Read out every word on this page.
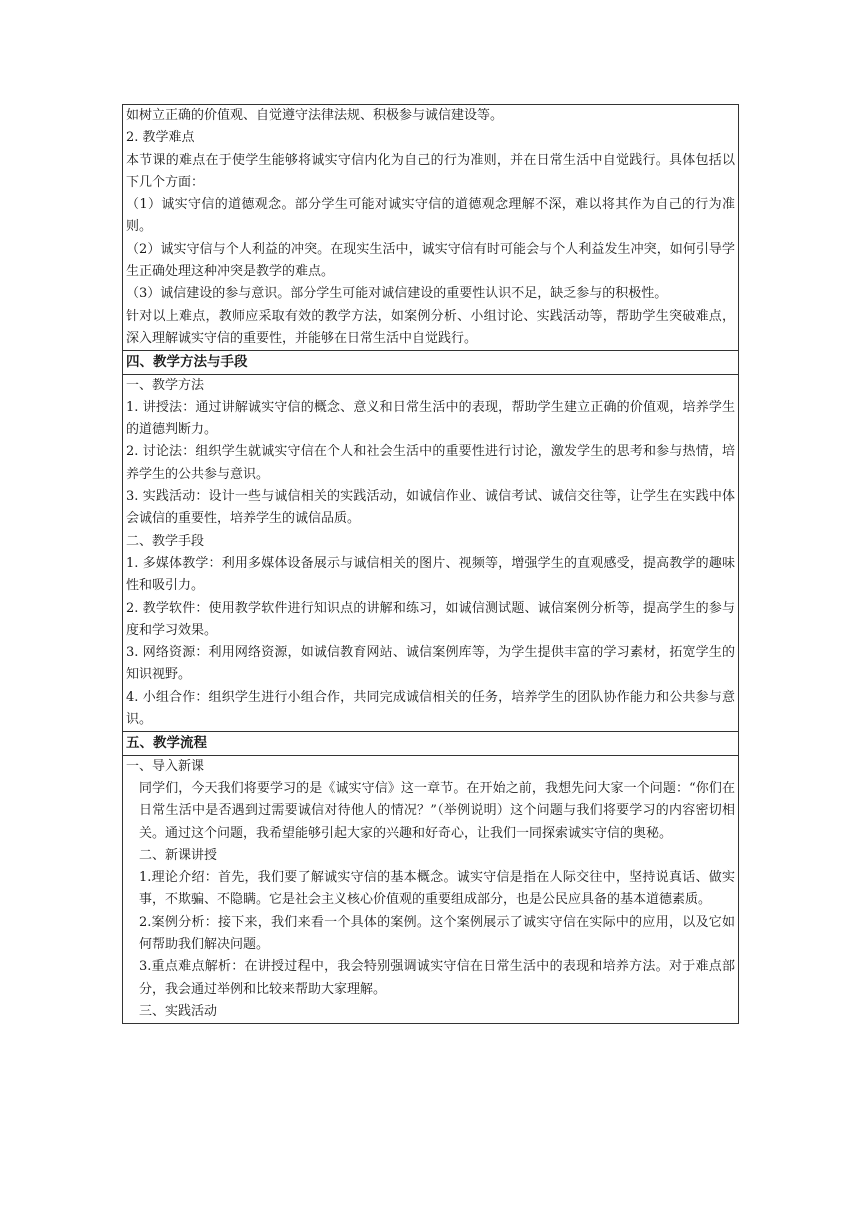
如树立正确的价值观、自觉遵守法律法规、积极参与诚信建设等。

2. 教学难点

本节课的难点在于使学生能够将诚实守信内化为自己的行为准则，并在日常生活中自觉践行。具体包括以下几个方面：

（1）诚实守信的道德观念。部分学生可能对诚实守信的道德观念理解不深，难以将其作为自己的行为准则。

（2）诚实守信与个人利益的冲突。在现实生活中，诚实守信有时可能会与个人利益发生冲突，如何引导学生正确处理这种冲突是教学的难点。

（3）诚信建设的参与意识。部分学生可能对诚信建设的重要性认识不足，缺乏参与的积极性。

针对以上难点，教师应采取有效的教学方法，如案例分析、小组讨论、实践活动等，帮助学生突破难点，深入理解诚实守信的重要性，并能够在日常生活中自觉践行。

四、教学方法与手段

一、教学方法

1. 讲授法：通过讲解诚实守信的概念、意义和日常生活中的表现，帮助学生建立正确的价值观，培养学生的道德判断力。

2. 讨论法：组织学生就诚实守信在个人和社会生活中的重要性进行讨论，激发学生的思考和参与热情，培养学生的公共参与意识。

3. 实践活动：设计一些与诚信相关的实践活动，如诚信作业、诚信考试、诚信交往等，让学生在实践中体会诚信的重要性，培养学生的诚信品质。

二、教学手段

1. 多媒体教学：利用多媒体设备展示与诚信相关的图片、视频等，增强学生的直观感受，提高教学的趣味性和吸引力。

2. 教学软件：使用教学软件进行知识点的讲解和练习，如诚信测试题、诚信案例分析等，提高学生的参与度和学习效果。

3. 网络资源：利用网络资源，如诚信教育网站、诚信案例库等，为学生提供丰富的学习素材，拓宽学生的知识视野。

4. 小组合作：组织学生进行小组合作，共同完成诚信相关的任务，培养学生的团队协作能力和公共参与意识。

五、教学流程

一、导入新课

同学们，今天我们将要学习的是《诚实守信》这一章节。在开始之前，我想先问大家一个问题：“你们在日常生活中是否遇到过需要诚信对待他人的情况？”（举例说明）这个问题与我们将要学习的内容密切相关。通过这个问题，我希望能够引起大家的兴趣和好奇心，让我们一同探索诚实守信的奥秘。

二、新课讲授

1.理论介绍：首先，我们要了解诚实守信的基本概念。诚实守信是指在人际交往中，坚持说真话、做实事，不欺骗、不隐瞒。它是社会主义核心价值观的重要组成部分，也是公民应具备的基本道德素质。

2.案例分析：接下来，我们来看一个具体的案例。这个案例展示了诚实守信在实际中的应用，以及它如何帮助我们解决问题。

3.重点难点解析：在讲授过程中，我会特别强调诚实守信在日常生活中的表现和培养方法。对于难点部分，我会通过举例和比较来帮助大家理解。

三、实践活动
